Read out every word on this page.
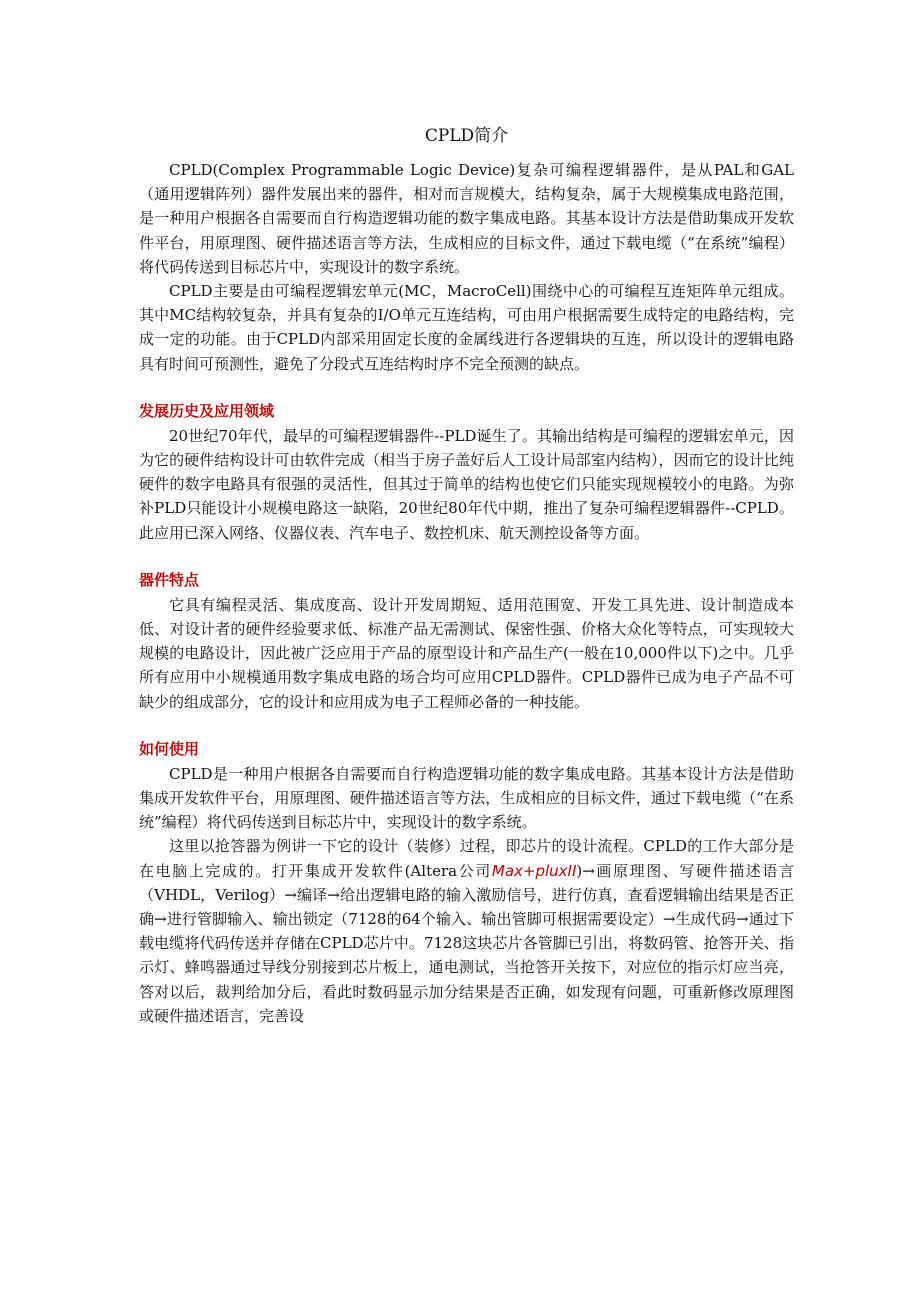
CPLD简介

CPLD(Complex Programmable Logic Device)复杂可编程逻辑器件，是从PAL和GAL（通用逻辑阵列）器件发展出来的器件，相对而言规模大，结构复杂，属于大规模集成电路范围，是一种用户根据各自需要而自行构造逻辑功能的数字集成电路。其基本设计方法是借助集成开发软件平台，用原理图、硬件描述语言等方法，生成相应的目标文件，通过下载电缆（“在系统”编程）将代码传送到目标芯片中，实现设计的数字系统。

CPLD主要是由可编程逻辑宏单元(MC，MacroCell)围绕中心的可编程互连矩阵单元组成。其中MC结构较复杂，并具有复杂的I/O单元互连结构，可由用户根据需要生成特定的电路结构，完成一定的功能。由于CPLD内部采用固定长度的金属线进行各逻辑块的互连，所以设计的逻辑电路具有时间可预测性，避免了分段式互连结构时序不完全预测的缺点。

发展历史及应用领域

20世纪70年代，最早的可编程逻辑器件--PLD诞生了。其输出结构是可编程的逻辑宏单元，因为它的硬件结构设计可由软件完成（相当于房子盖好后人工设计局部室内结构），因而它的设计比纯硬件的数字电路具有很强的灵活性，但其过于简单的结构也使它们只能实现规模较小的电路。为弥补PLD只能设计小规模电路这一缺陷，20世纪80年代中期，推出了复杂可编程逻辑器件--CPLD。此应用已深入网络、仪器仪表、汽车电子、数控机床、航天测控设备等方面。

器件特点

它具有编程灵活、集成度高、设计开发周期短、适用范围宽、开发工具先进、设计制造成本低、对设计者的硬件经验要求低、标准产品无需测试、保密性强、价格大众化等特点，可实现较大规模的电路设计，因此被广泛应用于产品的原型设计和产品生产(一般在10,000件以下)之中。几乎所有应用中小规模通用数字集成电路的场合均可应用CPLD器件。CPLD器件已成为电子产品不可缺少的组成部分，它的设计和应用成为电子工程师必备的一种技能。

如何使用

CPLD是一种用户根据各自需要而自行构造逻辑功能的数字集成电路。其基本设计方法是借助集成开发软件平台，用原理图、硬件描述语言等方法，生成相应的目标文件，通过下载电缆（“在系统”编程）将代码传送到目标芯片中，实现设计的数字系统。

这里以抢答器为例讲一下它的设计（装修）过程，即芯片的设计流程。CPLD的工作大部分是在电脑上完成的。打开集成开发软件(Altera公司Max+pluxII)→画原理图、写硬件描述语言（VHDL，Verilog）→编译→给出逻辑电路的输入激励信号，进行仿真，查看逻辑输出结果是否正确→进行管脚输入、输出锁定（7128的64个输入、输出管脚可根据需要设定）→生成代码→通过下载电缆将代码传送并存储在CPLD芯片中。7128这块芯片各管脚已引出，将数码管、抢答开关、指示灯、蜂鸣器通过导线分别接到芯片板上，通电测试，当抢答开关按下，对应位的指示灯应当亮，答对以后，裁判给加分后，看此时数码显示加分结果是否正确，如发现有问题，可重新修改原理图或硬件描述语言，完善设
